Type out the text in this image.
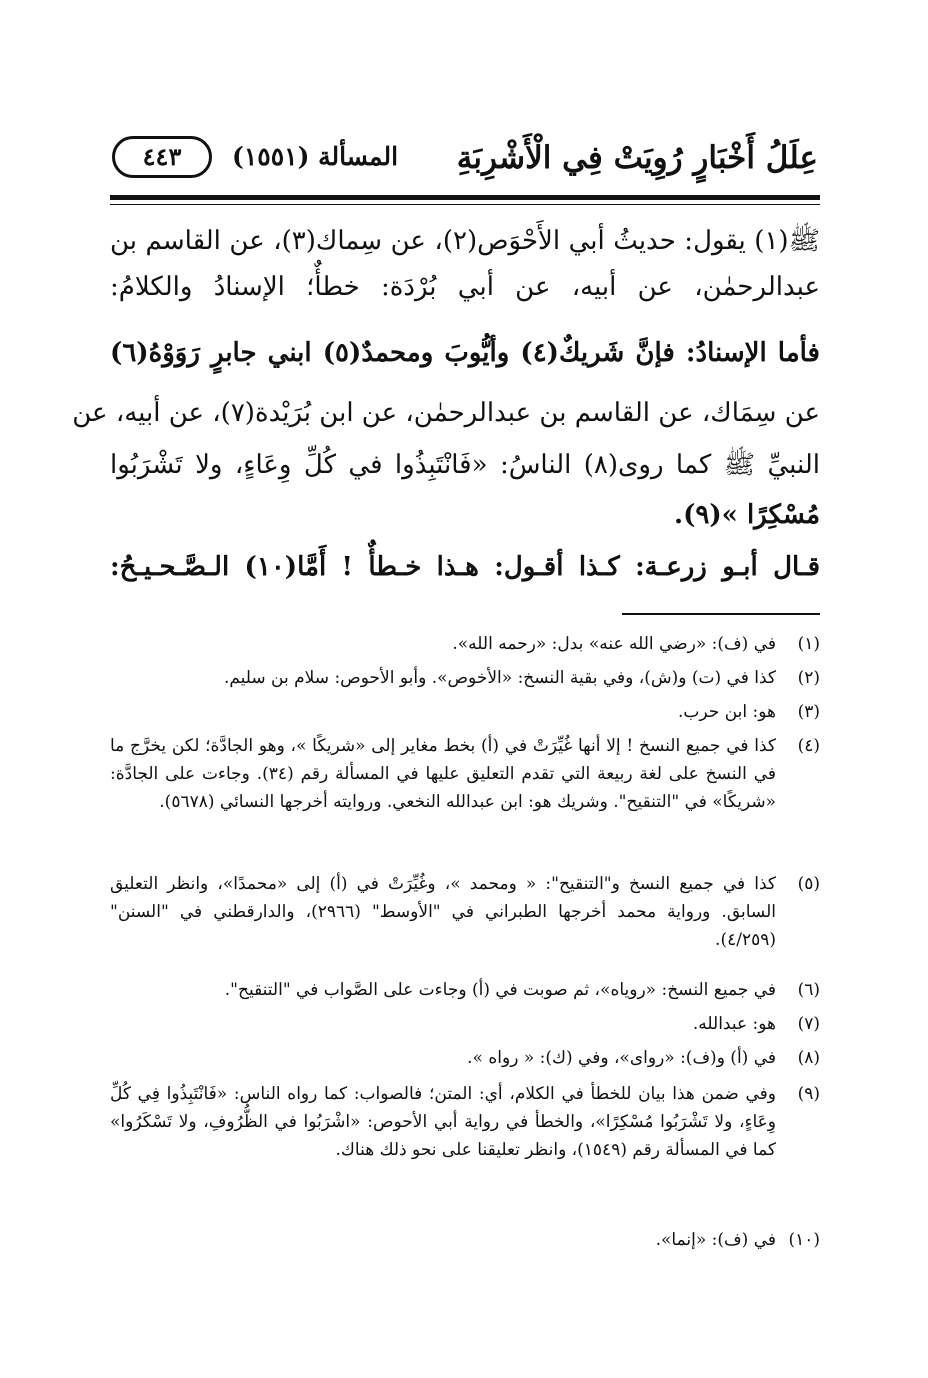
عِلَلُ أَخْبَارٍ رُوِيَتْ فِي الْأَشْرِبَةِ
المسألة (١٥٥١)
٤٤٣
ﷺ(١) يقول: حديثُ أبي الأَحْوَص(٢)، عن سِماك(٣)، عن القاسم بن
عبدالرحمٰن، عن أبيه، عن أبي بُرْدَة: خطأٌ؛ الإسنادُ والكلامُ:
فأما الإسنادُ: فإنَّ شَريكٌ(٤) وأيُّوبَ ومحمدٌ(٥) ابني جابرٍ رَوَوْهُ(٦)
عن سِمَاك، عن القاسم بن عبدالرحمٰن، عن ابن بُرَيْدة(٧)، عن أبيه، عن
النبيِّ ﷺ كما روى(٨) الناسُ: «فَانْتَبِذُوا في كُلِّ وِعَاءٍ، ولا تَشْرَبُوا
مُسْكِرًا »(٩).
قـال أبـو زرعـة: كـذا أقـول: هـذا خـطأٌ ! أَمَّا(١٠) الـصَّـحـيـحُ:
(١)
في (ف): «رضي الله عنه» بدل: «رحمه الله».
(٢)
كذا في (ت) و(ش)، وفي بقية النسخ: «الأخوص». وأبو الأحوص: سلام بن سليم.
(٣)
هو: ابن حرب.
(٤)
كذا في جميع النسخ ! إلا أنها غُيِّرَتْ في (أ) بخط مغاير إلى «شريكًا »، وهو الجادَّة؛ لكن يخرَّج ما في النسخ على لغة ربيعة التي تقدم التعليق عليها في المسألة رقم (٣٤). وجاءت على الجادَّة: «شريكًا» في "التنقيح". وشريك هو: ابن عبدالله النخعي. وروايته أخرجها النسائي (٥٦٧٨).
(٥)
كذا في جميع النسخ و"التنقيح": « ومحمد »، وغُيِّرَتْ في (أ) إلى «محمدًا»، وانظر التعليق السابق. ورواية محمد أخرجها الطبراني في "الأوسط" (٢٩٦٦)، والدارقطني في "السنن" (٤/٢٥٩).
(٦)
في جميع النسخ: «روياه»، ثم صوبت في (أ) وجاءت على الصَّواب في "التنقيح".
(٧)
هو: عبدالله.
(٨)
في (أ) و(ف): «روای»، وفي (ك): « رواه ».
(٩)
وفي ضمن هذا بيان للخطأ في الكلام، أي: المتن؛ فالصواب: كما رواه الناس: «فَانْتَبِذُوا فِي كُلِّ وِعَاءٍ، ولا تَشْرَبُوا مُسْكِرًا»، والخطأ في رواية أبي الأحوص: «اشْرَبُوا في الظُّرُوفِ، ولا تَسْكَرُوا» كما في المسألة رقم (١٥٤٩)، وانظر تعليقنا على نحو ذلك هناك.
(١٠)
في (ف): «إنما».
